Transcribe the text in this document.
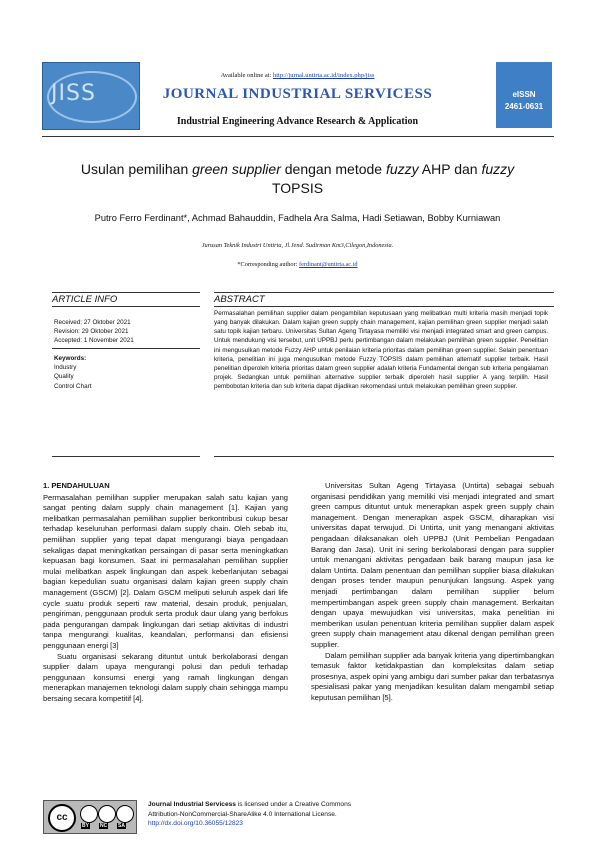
JISS
Available online at: http://jurnal.untirta.ac.id/index.php/jiss
JOURNAL INDUSTRIAL SERVICESS
Industrial Engineering Advance Research & Application
eISSN
2461-0631
Usulan pemilihan green supplier dengan metode fuzzy AHP dan fuzzy
TOPSIS
Putro Ferro Ferdinant*, Achmad Bahauddin, Fadhela Ara Salma, Hadi Setiawan, Bobby Kurniawan
Jurusan Teknik Industri Untirta, Jl.Jend. Sudirman Km3,Cilegon,Indonesia.
*Corresponding author: ferdinant@untirta.ac.id
ARTICLE INFO	ABSTRACT
Received: 27 Oktober 2021
Revision: 29 Oktober 2021
Accepted: 1 November 2021
Keywords:
Industry
Quality
Control Chart
Permasalahan pemilihan supplier dalam pengambilan keputusaan yang melibatkan multi kriteria masih menjadi topik yang banyak dilakukan. Dalam kajian green supply chain management, kajian pemilihan green supplier menjadi salah satu topik kajian terbaru. Universitas Sultan Ageng Tirtayasa memiliki visi menjadi integrated smart and green campus. Untuk mendukung visi tersebut, unit UPPBJ perlu pertimbangan dalam melakukan pemilihan green supplier. Penelitian ini mengusulkan metode Fuzzy AHP untuk penilaian kriteria prioritas dalam pemilihan green supplier. Selain penentuan kriteria, penelitian ini juga mengusulkan metode Fuzzy TOPSIS dalam pemilihan alternatif supplier terbaik. Hasil penelitian diperoleh kriteria prioritas dalam green supplier adalah kriteria Fundamental dengan sub kriteria pengalaman projek. Sedangkan untuk pemilihan alternative supplier terbaik diperoleh hasil supplier A yang terpilih. Hasil pembobotan kriteria dan sub kriteria dapat dijadikan rekomendasi untuk melakukan pemilihan green supplier.

1. PENDAHULUAN

Permasalahan pemilihan supplier merupakan salah satu kajian yang sangat penting dalam supply chain management [1]. Kajian yang melibatkan permasalahan pemilihan supplier berkontribusi cukup besar terhadap keseluruhan performasi dalam supply chain. Oleh sebab itu, pemilihan supplier yang tepat dapat mengurangi biaya pengadaan sekaligas dapat meningkatkan persaingan di pasar serta meningkatkan kepuasan bagi konsumen. Saat ini permasalahan pemilihan supplier mulai melibatkan aspek lingkungan dan aspek keberlanjutan sebagai bagian kepedulian suatu organisasi dalam kajian green supply chain management (GSCM) [2]. Dalam GSCM meliputi seluruh aspek dari life cycle suatu produk seperti raw material, desain produk, penjualan, pengiriman, penggunaan produk serta produk daur ulang yang berfokus pada pengurangan dampak lingkungan dari setiap aktivitas di industri tanpa mengurangi kualitas, keandalan, performansi dan efisiensi penggunaan energi [3]

Suatu organisasi sekarang dituntut untuk berkolaborasi dengan supplier dalam upaya mengurangi polusi dan peduli terhadap penggunaan konsumsi energi yang ramah lingkungan dengan menerapkan manajemen teknologi dalam supply chain sehingga mampu bersaing secara kompetitif [4].

Universitas Sultan Ageng Tirtayasa (Untirta) sebagai sebuah organisasi pendidikan yang memiliki visi menjadi integrated and smart green campus dituntut untuk menerapkan aspek green supply chain management. Dengan menerapkan aspek GSCM, diharapkan visi universitas dapat terwujud. Di Untirta, unit yang menangani aktivitas pengadaan dilaksanakan oleh UPPBJ (Unit Pembelian Pengadaan Barang dan Jasa). Unit ini sering berkolaborasi dengan para supplier untuk menangani aktivitas pengadaan baik barang maupun jasa ke dalam Untirta. Dalam penentuan dan pemilihan supplier biasa dilakukan dengan proses tender maupun penunjukan langsung. Aspek yang menjadi pertimbangan dalam pemilihan supplier belum mempertimbangan aspek green supply chain management. Berkaitan dengan upaya mewujudkan visi universitas, maka penelitian ini memberikan usulan penentuan kriteria pemilihan supplier dalam aspek green supply chain management atau dikenal dengan pemilihan green supplier.

Dalam pemilihan supplier ada banyak kriteria yang dipertimbangkan temasuk faktor ketidakpastian dan kompleksitas dalam setiap prosesnya, aspek opini yang ambigu dari sumber pakar dan terbatasnya spesialisasi pakar yang menjadikan kesulitan dalam mengambil setiap keputusan pemilihan [5].

cc
BY NC SA
Journal Industrial Servicess is licensed under a Creative Commons
Attribution-NonCommercial-ShareAlike 4.0 International License.
http://dx.doi.org/10.36055/12823
